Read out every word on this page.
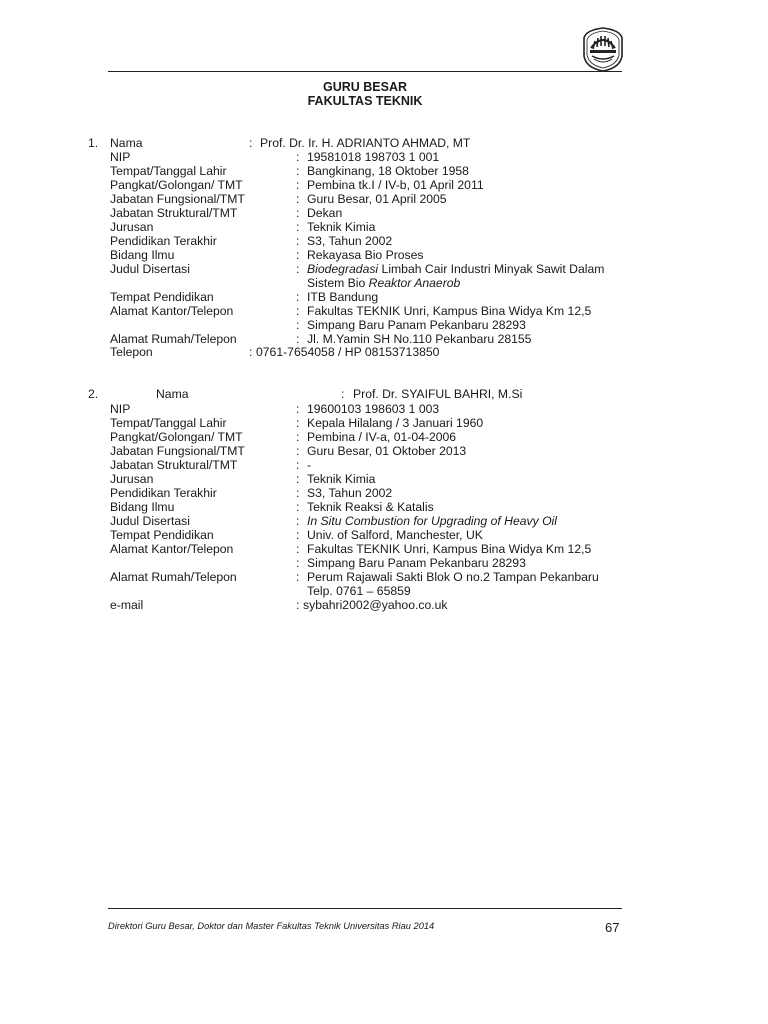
GURU BESAR
FAKULTAS TEKNIK
1. Nama	: Prof. Dr. Ir. H. ADRIANTO AHMAD, MT
NIP	: 19581018 198703 1 001
Tempat/Tanggal Lahir	: Bangkinang, 18 Oktober 1958
Pangkat/Golongan/ TMT	: Pembina tk.I / IV-b, 01 April 2011
Jabatan Fungsional/TMT	: Guru Besar, 01 April 2005
Jabatan Struktural/TMT	: Dekan
Jurusan	: Teknik Kimia
Pendidikan Terakhir	: S3, Tahun 2002
Bidang Ilmu	: Rekayasa Bio Proses
Judul Disertasi	: Biodegradasi Limbah Cair Industri Minyak Sawit Dalam
Sistem Bio Reaktor Anaerob
Tempat Pendidikan	: ITB Bandung
Alamat Kantor/Telepon	: Fakultas TEKNIK Unri, Kampus Bina Widya Km 12,5
: Simpang Baru Panam Pekanbaru 28293
Alamat Rumah/Telepon	: Jl. M.Yamin SH No.110 Pekanbaru 28155
Telepon	: 0761-7654058 / HP 08153713850
2.	Nama	: Prof. Dr. SYAIFUL BAHRI, M.Si
NIP	: 19600103 198603 1 003
Tempat/Tanggal Lahir	: Kepala Hilalang / 3 Januari 1960
Pangkat/Golongan/ TMT	: Pembina / IV-a, 01-04-2006
Jabatan Fungsional/TMT	: Guru Besar, 01 Oktober 2013
Jabatan Struktural/TMT	: -
Jurusan	: Teknik Kimia
Pendidikan Terakhir	: S3, Tahun 2002
Bidang Ilmu	: Teknik Reaksi & Katalis
Judul Disertasi	: In Situ Combustion for Upgrading of Heavy Oil
Tempat Pendidikan	: Univ. of Salford, Manchester, UK
Alamat Kantor/Telepon	: Fakultas TEKNIK Unri, Kampus Bina Widya Km 12,5
: Simpang Baru Panam Pekanbaru 28293
Alamat Rumah/Telepon	: Perum Rajawali Sakti Blok O no.2 Tampan Pekanbaru
Telp. 0761 – 65859
e-mail	: sybahri2002@yahoo.co.uk
Direktori Guru Besar, Doktor dan Master Fakultas Teknik Universitas Riau 2014	67
